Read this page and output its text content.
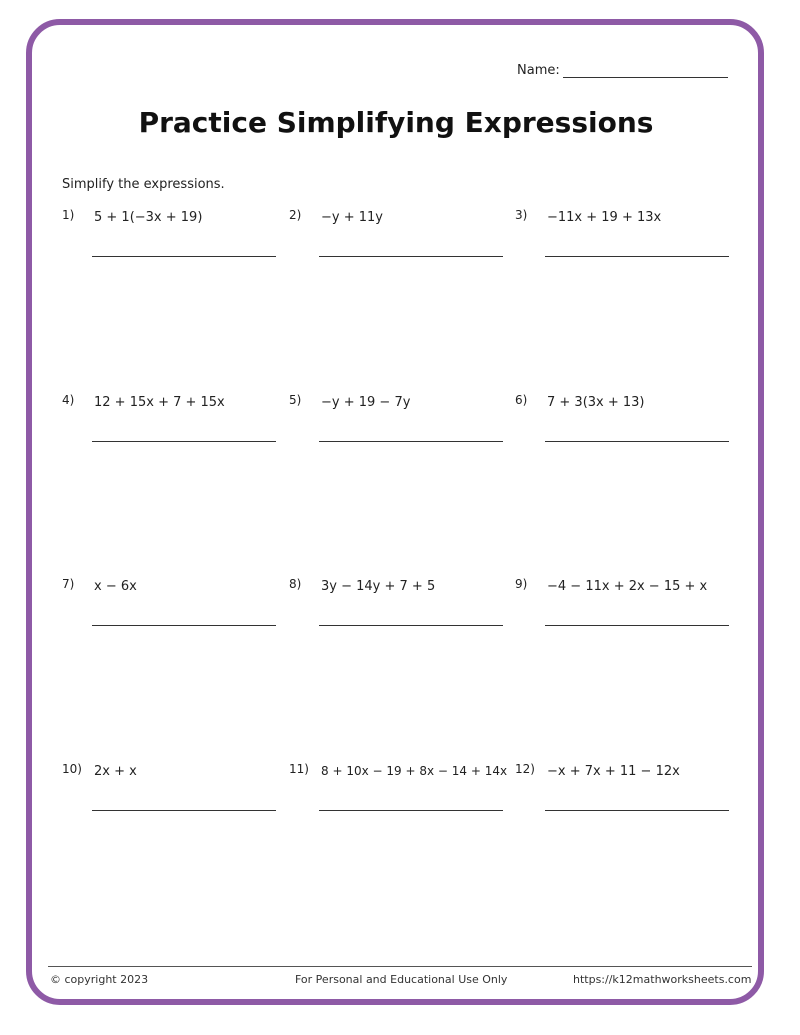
Name:
Practice Simplifying Expressions
Simplify the expressions.
1) 5 + 1(−3x + 19)	2) −y + 11y	3) −11x + 19 + 13x
4) 12 + 15x + 7 + 15x	5) −y + 19 − 7y	6) 7 + 3(3x + 13)
7) x − 6x	8) 3y − 14y + 7 + 5	9) −4 − 11x + 2x − 15 + x
10) 2x + x	11) 8 + 10x − 19 + 8x − 14 + 14x 12) −x + 7x + 11 − 12x
© copyright 2023	For Personal and Educational Use Only	https://k12mathworksheets.com
